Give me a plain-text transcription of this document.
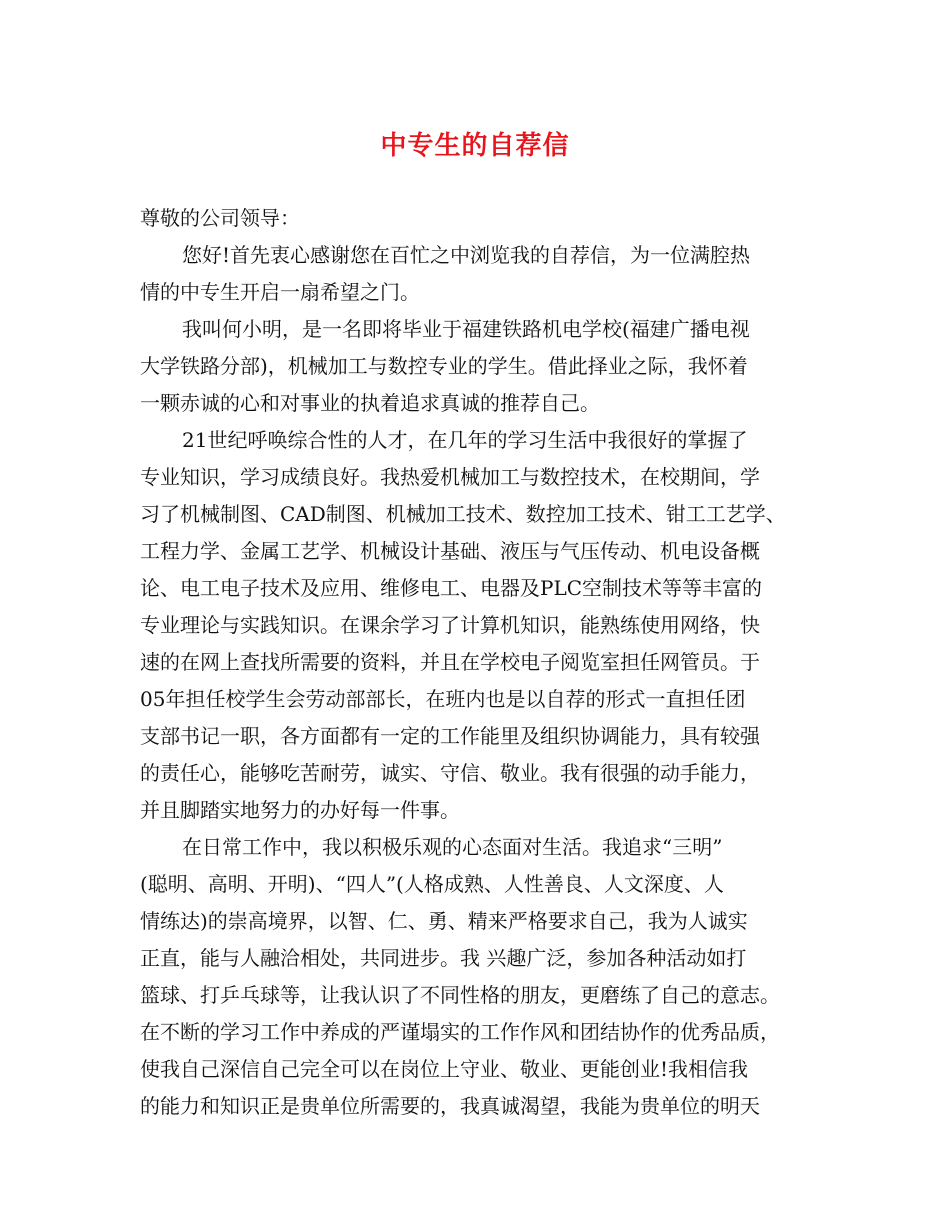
中专生的自荐信
尊敬的公司领导：
您好!首先衷心感谢您在百忙之中浏览我的自荐信，为一位满腔热
情的中专生开启一扇希望之门。
我叫何小明，是一名即将毕业于福建铁路机电学校(福建广播电视
大学铁路分部)，机械加工与数控专业的学生。借此择业之际，我怀着
一颗赤诚的心和对事业的执着追求真诚的推荐自己。
21世纪呼唤综合性的人才，在几年的学习生活中我很好的掌握了
专业知识，学习成绩良好。我热爱机械加工与数控技术，在校期间，学
习了机械制图、CAD制图、机械加工技术、数控加工技术、钳工工艺学、
工程力学、金属工艺学、机械设计基础、液压与气压传动、机电设备概
论、电工电子技术及应用、维修电工、电器及PLC空制技术等等丰富的
专业理论与实践知识。在课余学习了计算机知识，能熟练使用网络，快
速的在网上查找所需要的资料，并且在学校电子阅览室担任网管员。于
05年担任校学生会劳动部部长，在班内也是以自荐的形式一直担任团
支部书记一职，各方面都有一定的工作能里及组织协调能力，具有较强
的责任心，能够吃苦耐劳，诚实、守信、敬业。我有很强的动手能力，
并且脚踏实地努力的办好每一件事。
在日常工作中，我以积极乐观的心态面对生活。我追求“三明”
(聪明、高明、开明)、“四人”(人格成熟、人性善良、人文深度、人
情练达)的崇高境界，以智、仁、勇、精来严格要求自己，我为人诚实
正直，能与人融洽相处，共同进步。我 兴趣广泛，参加各种活动如打
篮球、打乒乓球等，让我认识了不同性格的朋友，更磨练了自己的意志。
在不断的学习工作中养成的严谨塌实的工作作风和团结协作的优秀品质，
使我自己深信自己完全可以在岗位上守业、敬业、更能创业!我相信我
的能力和知识正是贵单位所需要的，我真诚渴望，我能为贵单位的明天
